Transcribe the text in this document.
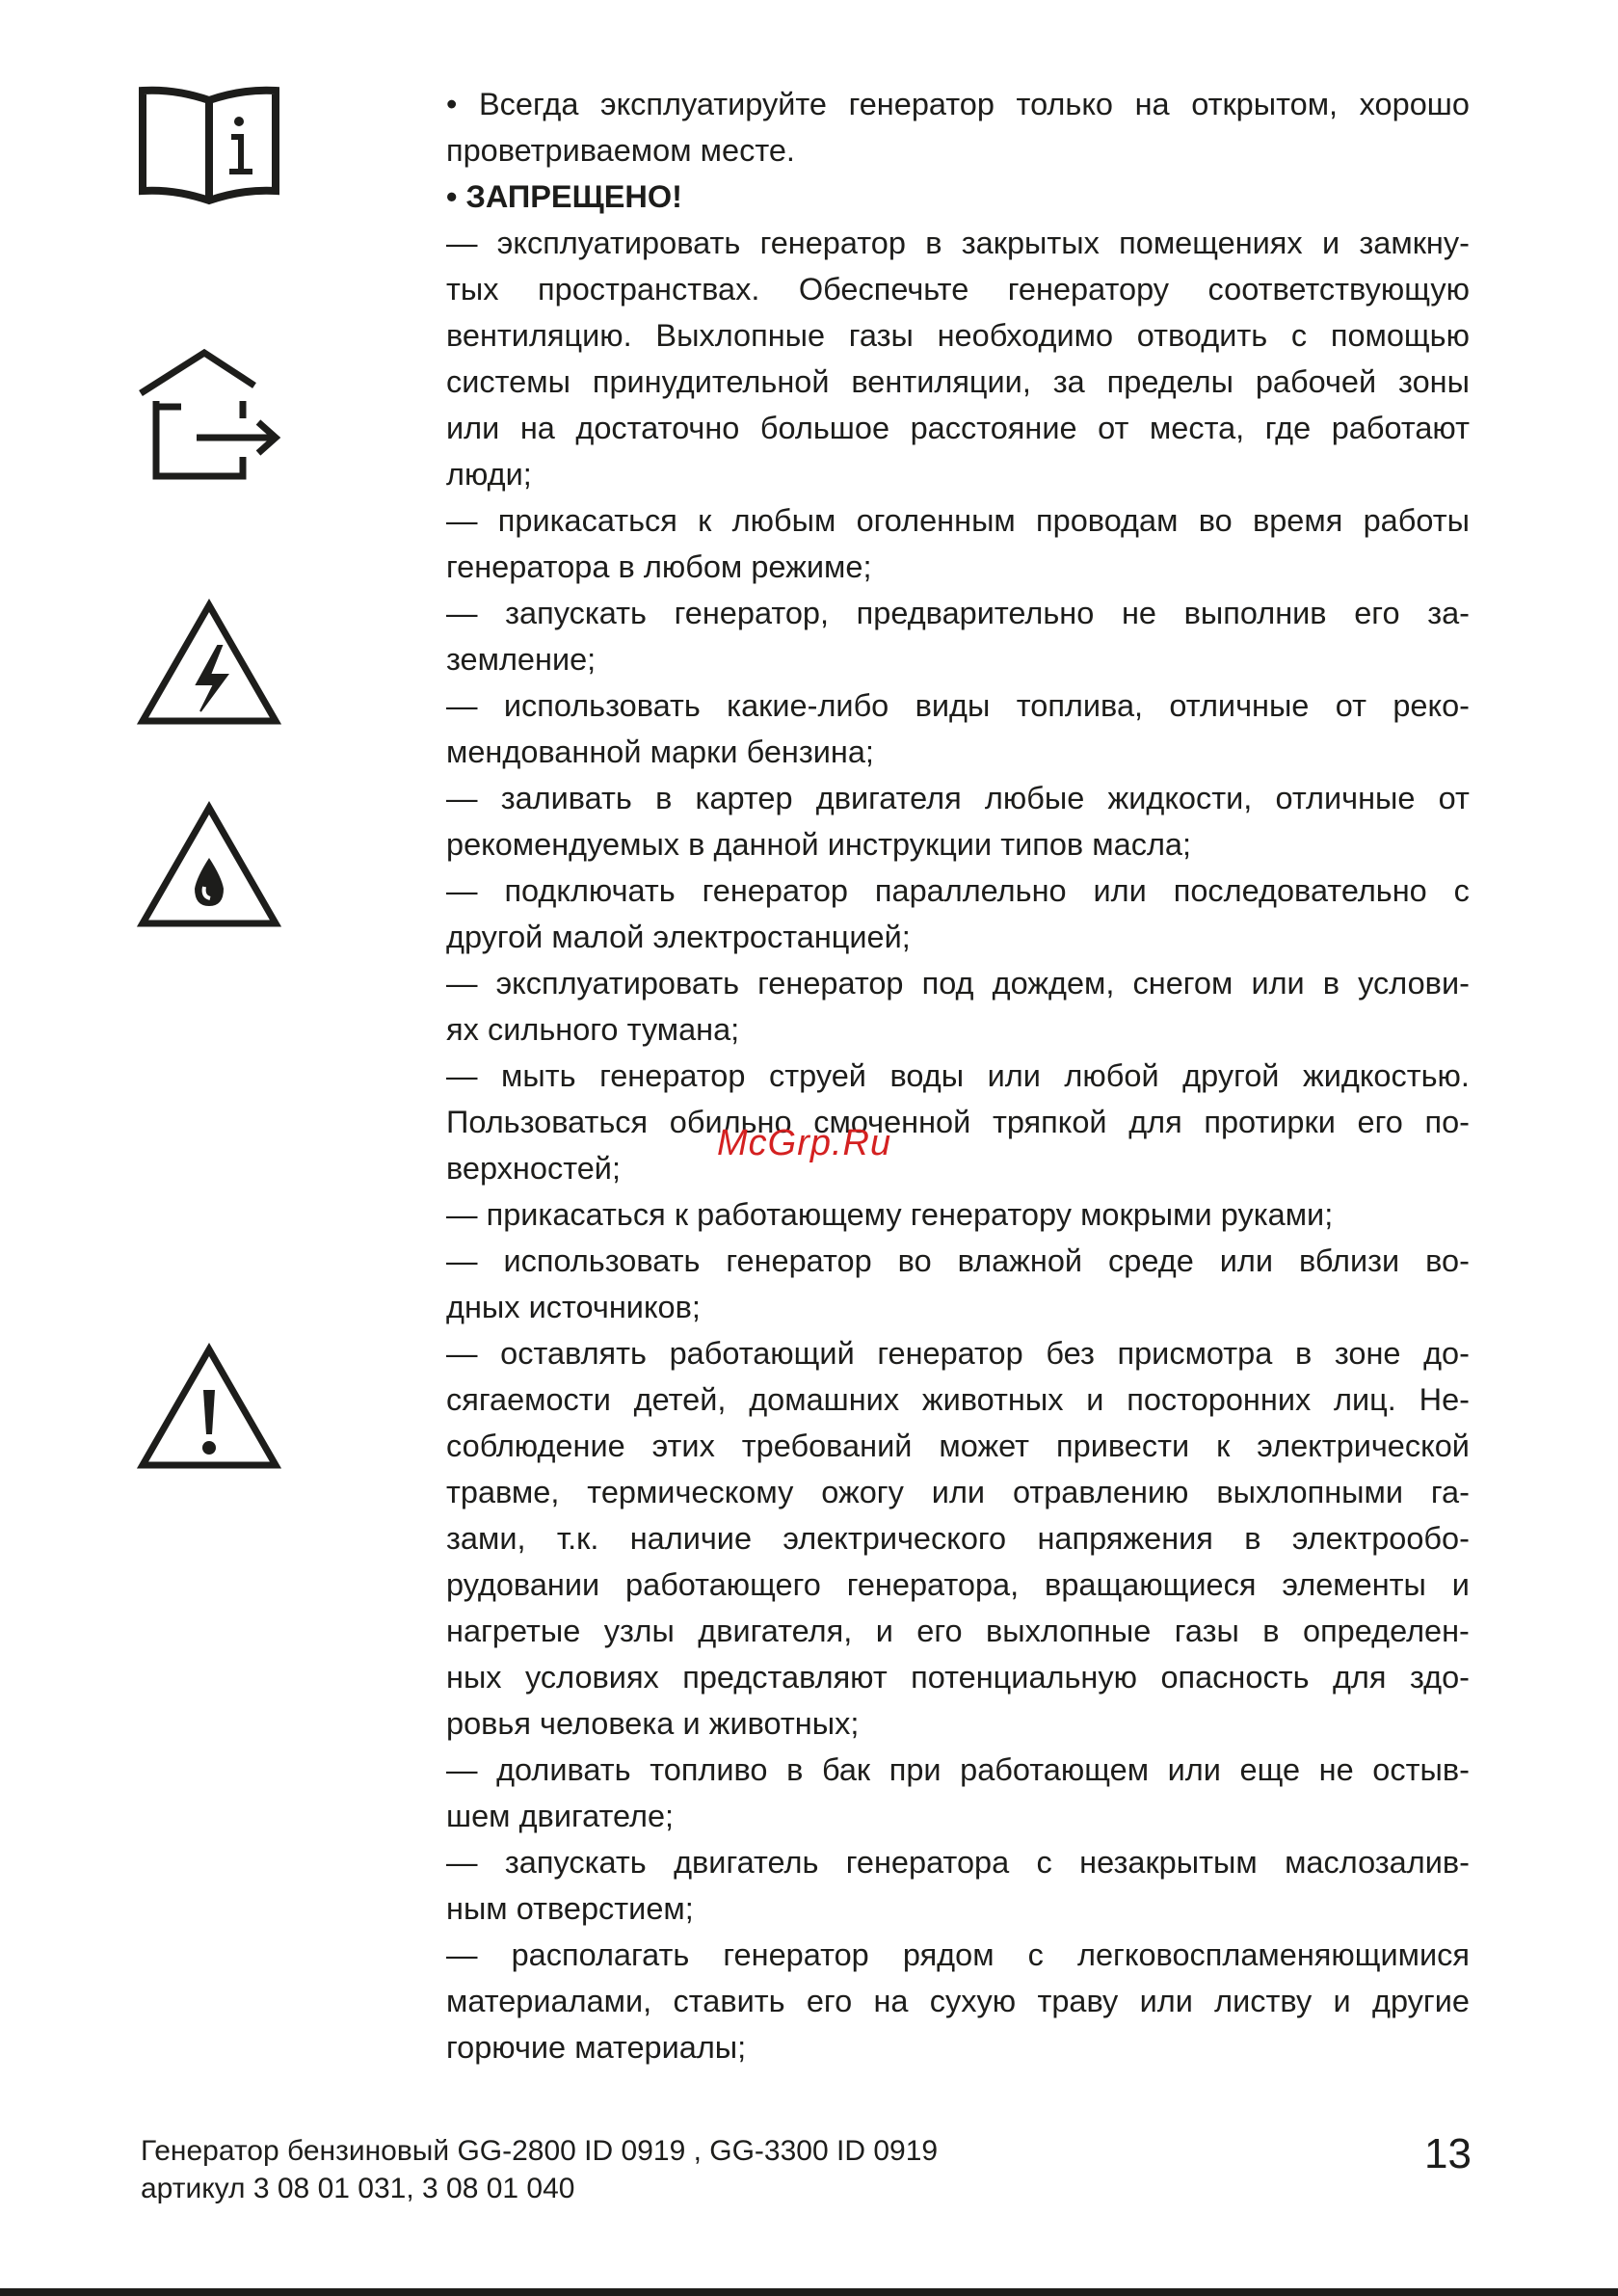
• Всегда эксплуатируйте генератор только на открытом, хорошо
проветриваемом месте.
• ЗАПРЕЩЕНО!
— эксплуатировать генератор в закрытых помещениях и замкну-
тых пространствах. Обеспечьте генератору соответствующую
вентиляцию. Выхлопные газы необходимо отводить с помощью
системы принудительной вентиляции, за пределы рабочей зоны
или на достаточно большое расстояние от места, где работают
люди;
— прикасаться к любым оголенным проводам во время работы
генератора в любом режиме;
— запускать генератор, предварительно не выполнив его за-
земление;
— использовать какие-либо виды топлива, отличные от реко-
мендованной марки бензина;
— заливать в картер двигателя любые жидкости, отличные от
рекомендуемых в данной инструкции типов масла;
— подключать генератор параллельно или последовательно с
другой малой электростанцией;
— эксплуатировать генератор под дождем, снегом или в услови-
ях сильного тумана;
— мыть генератор струей воды или любой другой жидкостью.
Пользоваться обильно смоченной тряпкой для протирки его по-
верхностей;
— прикасаться к работающему генератору мокрыми руками;
— использовать генератор во влажной среде или вблизи во-
дных источников;
— оставлять работающий генератор без присмотра в зоне до-
сягаемости детей, домашних животных и посторонних лиц. Не-
соблюдение этих требований может привести к электрической
травме, термическому ожогу или отравлению выхлопными га-
зами, т.к. наличие электрического напряжения в электрообо-
рудовании работающего генератора, вращающиеся элементы и
нагретые узлы двигателя, и его выхлопные газы в определен-
ных условиях представляют потенциальную опасность для здо-
ровья человека и животных;
— доливать топливо в бак при работающем или еще не остыв-
шем двигателе;
— запускать двигатель генератора с незакрытым маслозалив-
ным отверстием;
— располагать генератор рядом с легковоспламеняющимися
материалами, ставить его на сухую траву или листву и другие
горючие материалы;
McGrp.Ru
Генератор бензиновый GG-2800 ID 0919 , GG-3300 ID 0919
артикул 3 08 01 031, 3 08 01 040
13
